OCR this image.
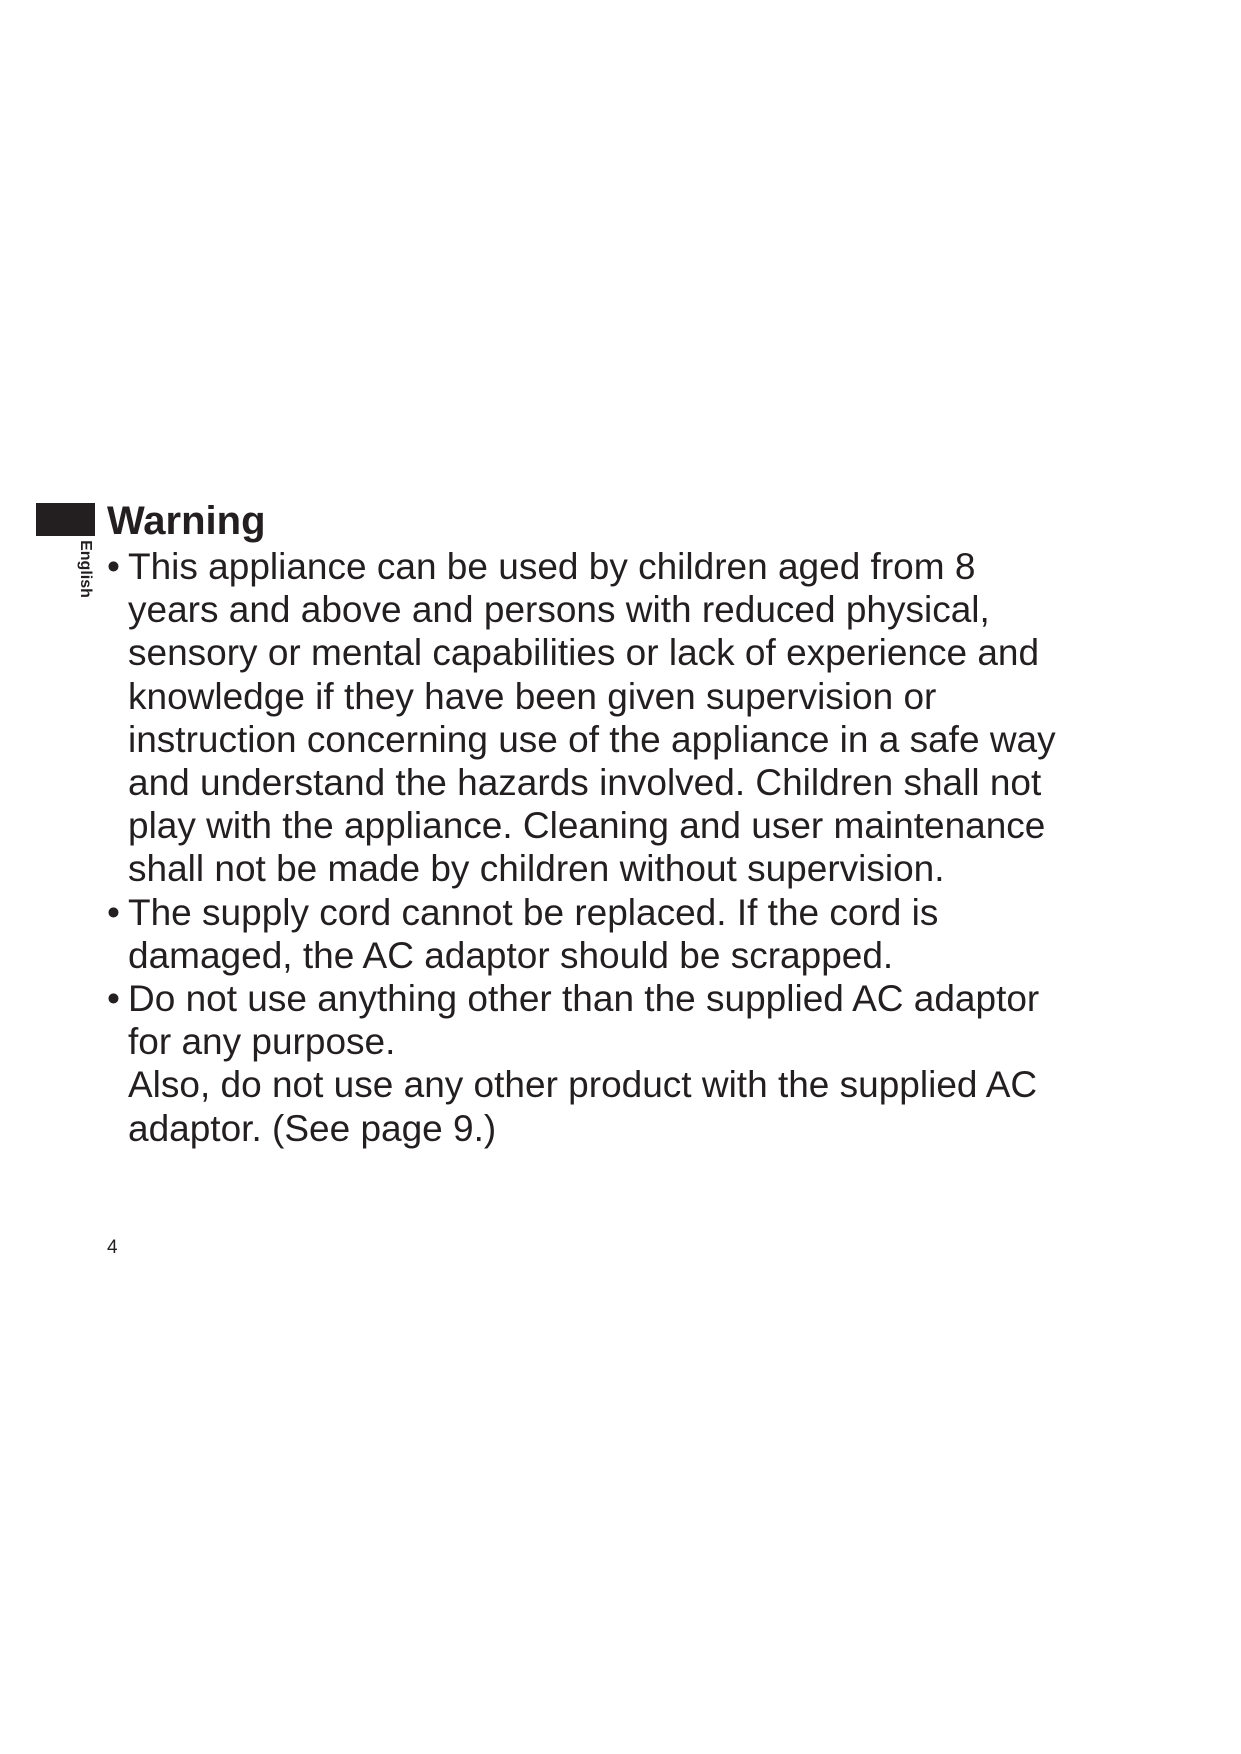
English
Warning
• This appliance can be used by children aged from 8
years and above and persons with reduced physical,
sensory or mental capabilities or lack of experience and
knowledge if they have been given supervision or
instruction concerning use of the appliance in a safe way
and understand the hazards involved. Children shall not
play with the appliance. Cleaning and user maintenance
shall not be made by children without supervision.
• The supply cord cannot be replaced. If the cord is
damaged, the AC adaptor should be scrapped.
• Do not use anything other than the supplied AC adaptor
for any purpose.
Also, do not use any other product with the supplied AC
adaptor. (See page 9.)
4
